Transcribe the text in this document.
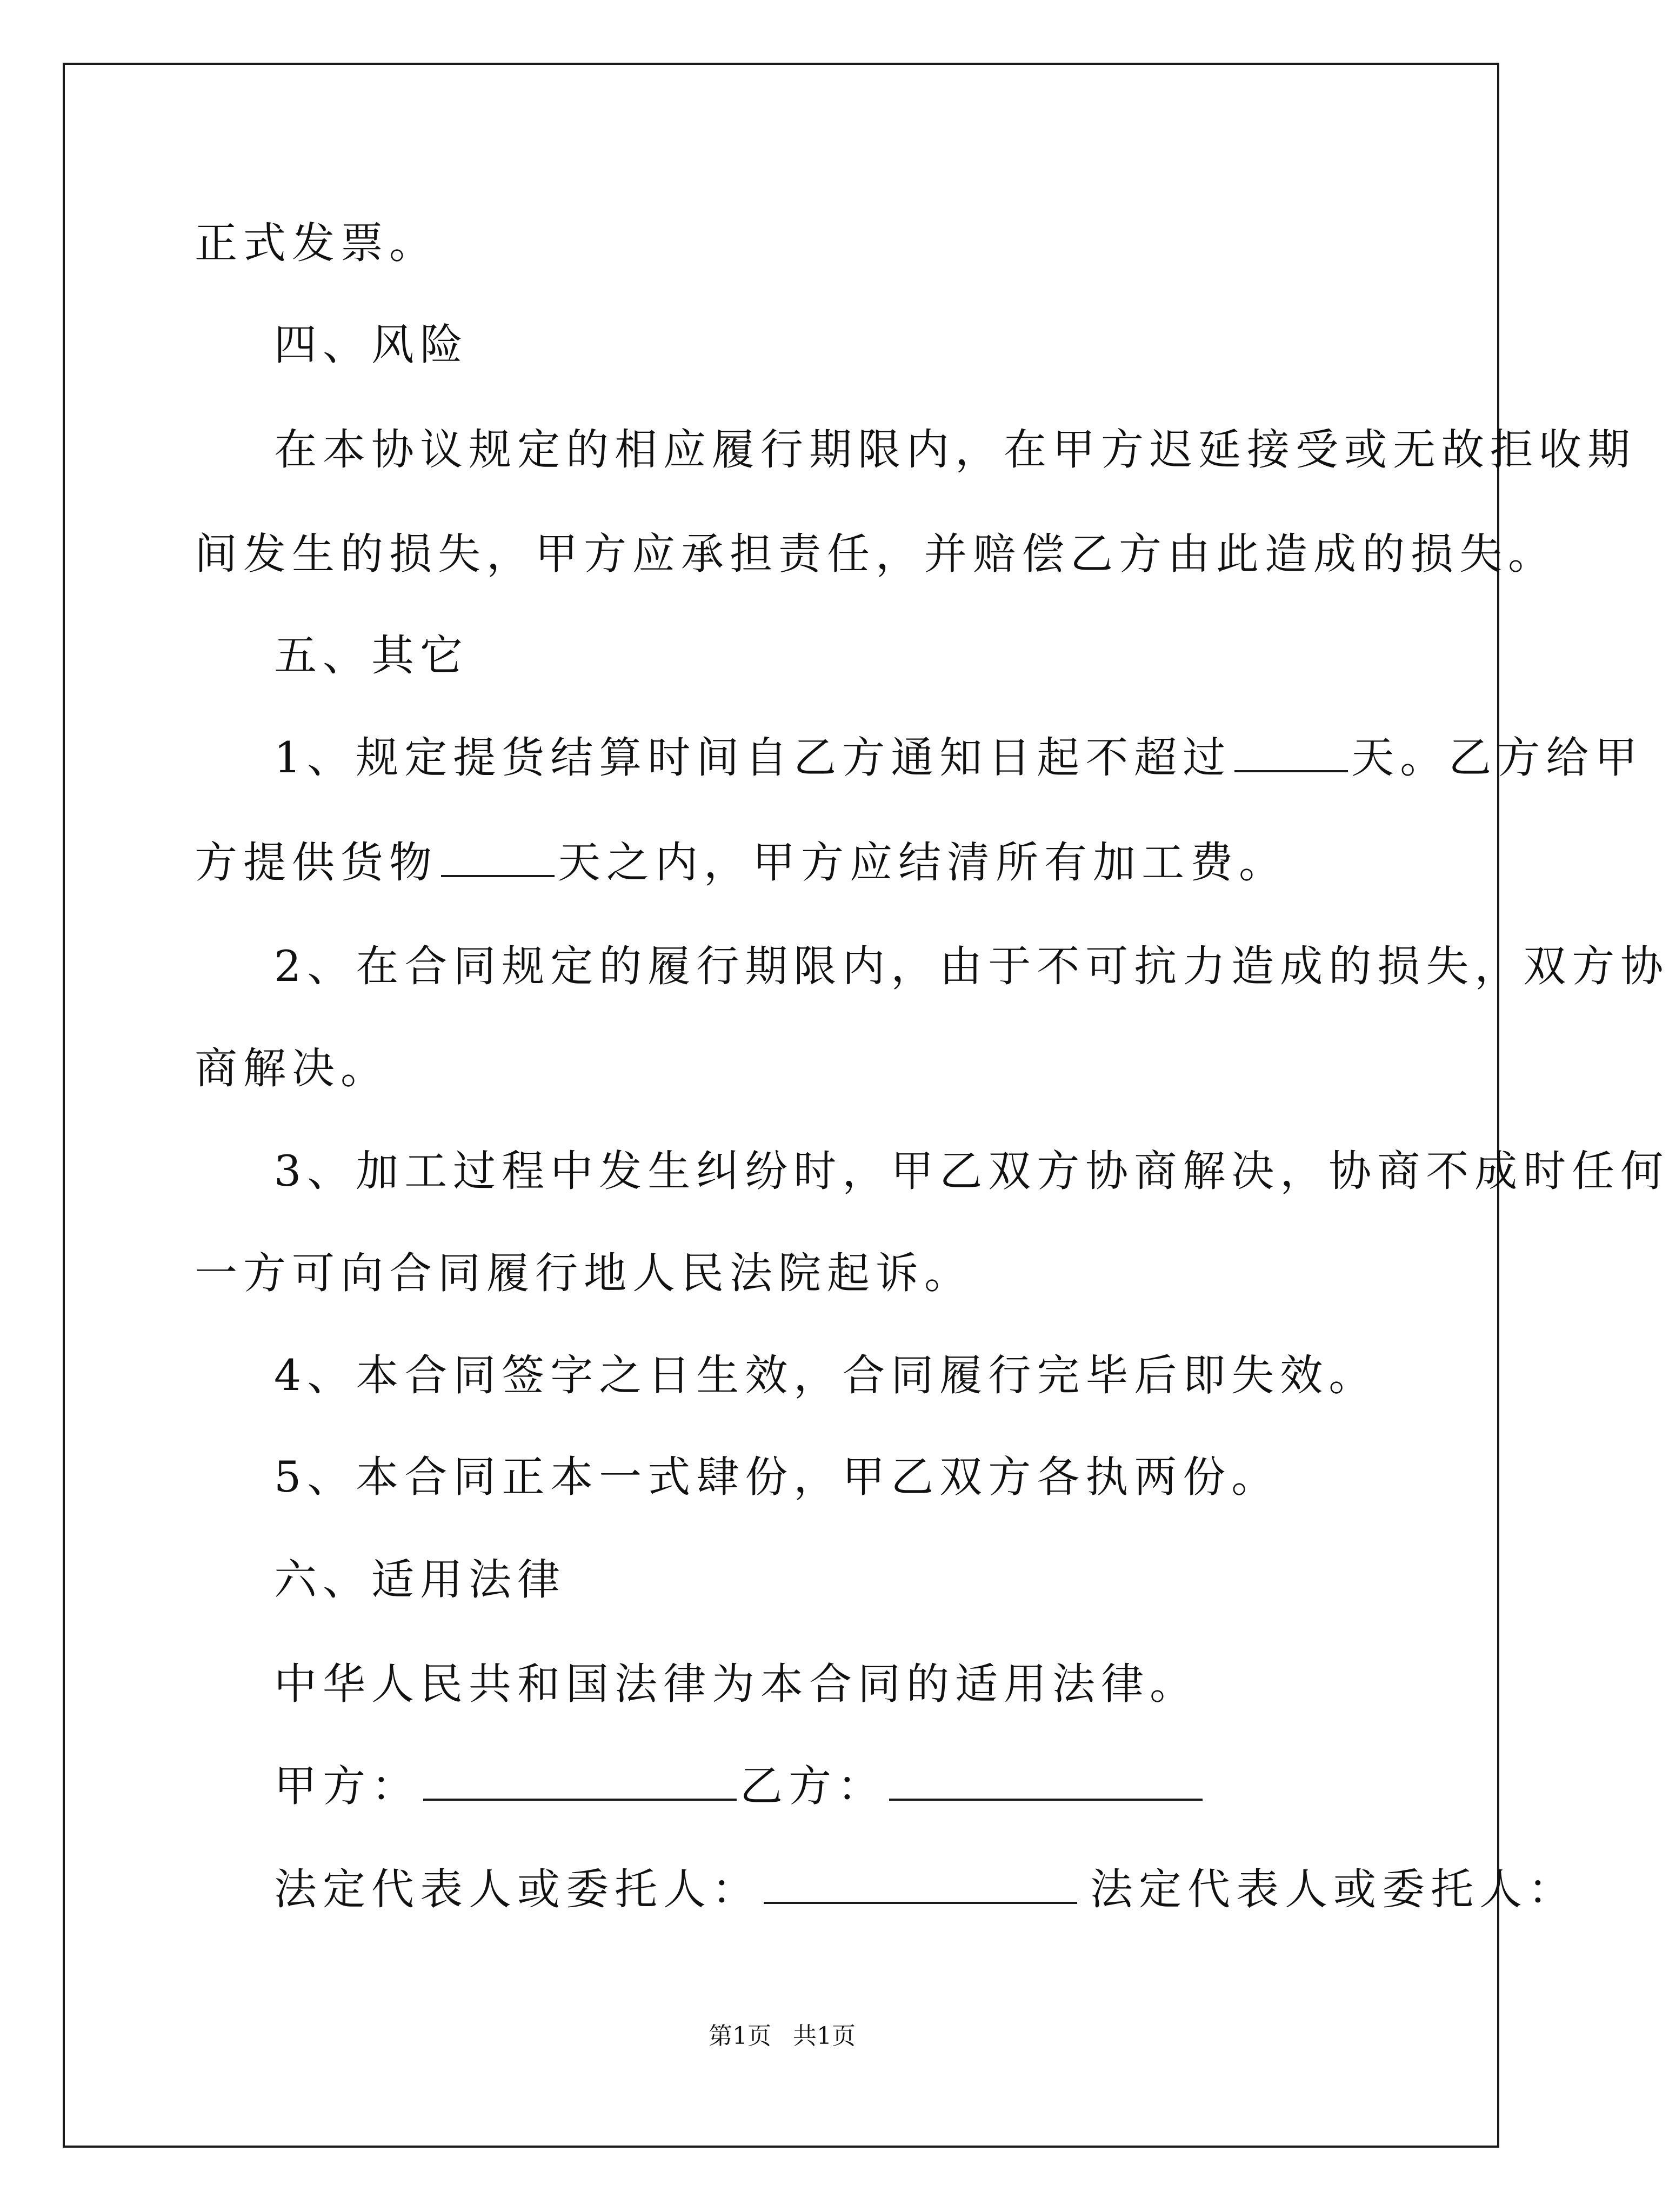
正式发票。
四、风险
在本协议规定的相应履行期限内，在甲方迟延接受或无故拒收期
间发生的损失，甲方应承担责任，并赔偿乙方由此造成的损失。
五、其它
1、规定提货结算时间自乙方通知日起不超过	天。乙方给甲
方提供货物	天之内，甲方应结清所有加工费。
2、在合同规定的履行期限内，由于不可抗力造成的损失，双方协
商解决。
3、加工过程中发生纠纷时，甲乙双方协商解决，协商不成时任何
一方可向合同履行地人民法院起诉。
4、本合同签字之日生效，合同履行完毕后即失效。
5、本合同正本一式肆份，甲乙双方各执两份。
六、适用法律
中华人民共和国法律为本合同的适用法律。
甲方：	乙方：
法定代表人或委托人：	法定代表人或委托人：
第1页 共1页
